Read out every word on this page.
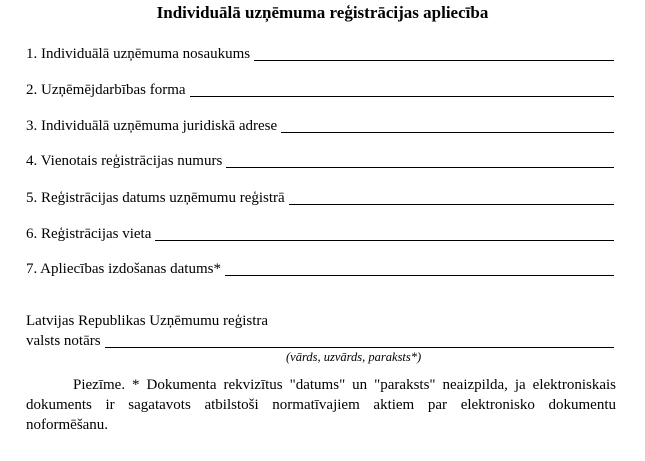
Individuālā uzņēmuma reģistrācijas apliecība
1. Individuālā uzņēmuma nosaukums
2. Uzņēmējdarbības forma
3. Individuālā uzņēmuma juridiskā adrese
4. Vienotais reģistrācijas numurs
5. Reģistrācijas datums uzņēmumu reģistrā
6. Reģistrācijas vieta
7. Apliecības izdošanas datums*
Latvijas Republikas Uzņēmumu reģistra
valsts notārs
(vārds, uzvārds, paraksts*)
Piezīme. * Dokumenta rekvizītus "datums" un "paraksts" neaizpilda, ja elektroniskais dokuments ir sagatavots atbilstoši normatīvajiem aktiem par elektronisko dokumentu noformēšanu.
